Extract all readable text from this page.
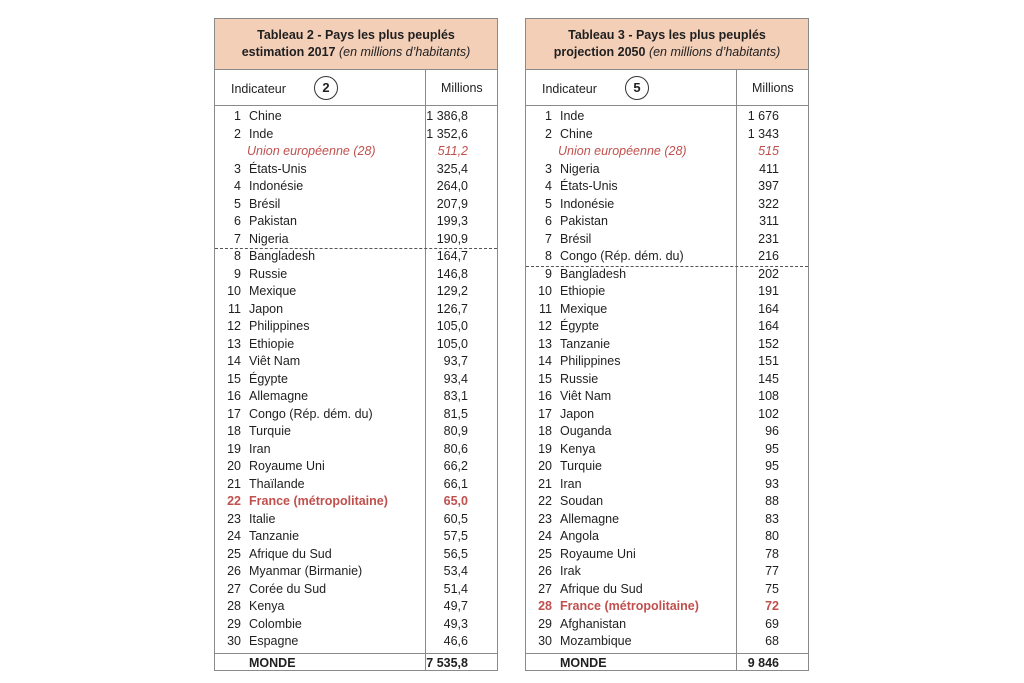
Tableau 2 - Pays les plus peuplés
estimation 2017 (en millions d’habitants)
Indicateur	2	Millions
1 Chine	1 386,8
2 Inde	1 352,6
Union européenne (28)	511,2
3 États-Unis	325,4
4 Indonésie	264,0
5 Brésil	207,9
6 Pakistan	199,3
7 Nigeria	190,9
8 Bangladesh	164,7
9 Russie	146,8
10 Mexique	129,2
11 Japon	126,7
12 Philippines	105,0
13 Ethiopie	105,0
14 Viêt Nam	93,7
15 Égypte	93,4
16 Allemagne	83,1
17 Congo (Rép. dém. du)	81,5
18 Turquie	80,9
19 Iran	80,6
20 Royaume Uni	66,2
21 Thaïlande	66,1
22 France (métropolitaine)	65,0
23 Italie	60,5
24 Tanzanie	57,5
25 Afrique du Sud	56,5
26 Myanmar (Birmanie)	53,4
27 Corée du Sud	51,4
28 Kenya	49,7
29 Colombie	49,3
30 Espagne	46,6
MONDE	7 535,8
Tableau 3 - Pays les plus peuplés
projection 2050 (en millions d’habitants)
Indicateur	5	Millions
1 Inde	1 676
2 Chine	1 343
Union européenne (28)	515
3 Nigeria	411
4 États-Unis	397
5 Indonésie	322
6 Pakistan	311
7 Brésil	231
8 Congo (Rép. dém. du)	216
9 Bangladesh	202
10 Ethiopie	191
11 Mexique	164
12 Égypte	164
13 Tanzanie	152
14 Philippines	151
15 Russie	145
16 Viêt Nam	108
17 Japon	102
18 Ouganda	96
19 Kenya	95
20 Turquie	95
21 Iran	93
22 Soudan	88
23 Allemagne	83
24 Angola	80
25 Royaume Uni	78
26 Irak	77
27 Afrique du Sud	75
28 France (métropolitaine)	72
29 Afghanistan	69
30 Mozambique	68
MONDE	9 846
